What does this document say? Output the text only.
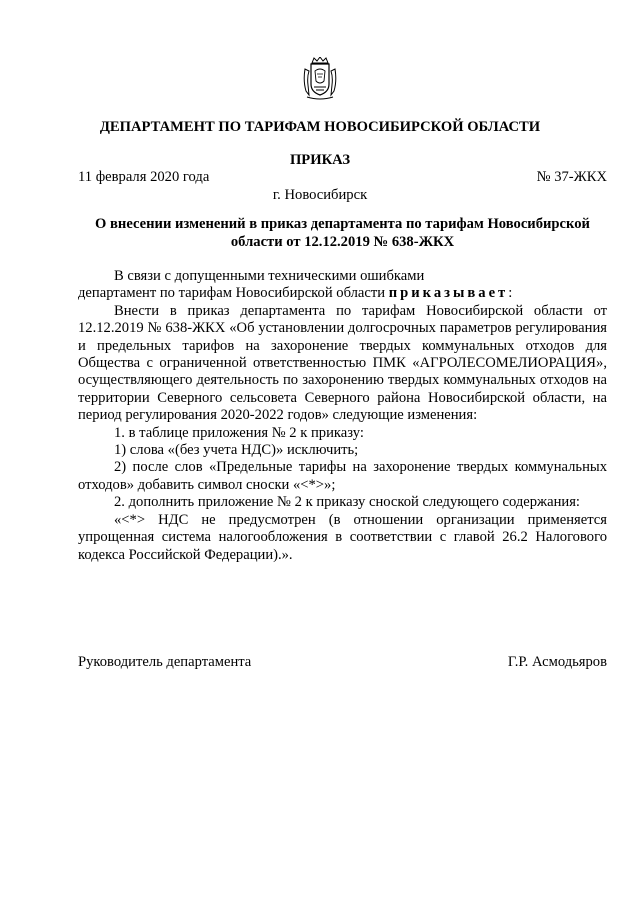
ДЕПАРТАМЕНТ ПО ТАРИФАМ НОВОСИБИРСКОЙ ОБЛАСТИ
ПРИКАЗ
11 февраля 2020 года	№ 37-ЖКХ
г. Новосибирск
О внесении изменений в приказ департамента по тарифам Новосибирской области от 12.12.2019 № 638-ЖКХ

В связи с допущенными техническими ошибками

департамент по тарифам Новосибирской области приказывает:

Внести в приказ департамента по тарифам Новосибирской области от 12.12.2019 № 638-ЖКХ «Об установлении долгосрочных параметров регулирования и предельных тарифов на захоронение твердых коммунальных отходов для Общества с ограниченной ответственностью ПМК «АГРОЛЕСОМЕЛИОРАЦИЯ», осуществляющего деятельность по захоронению твердых коммунальных отходов на территории Северного сельсовета Северного района Новосибирской области, на период регулирования 2020-2022 годов» следующие изменения:

1. в таблице приложения № 2 к приказу:

1) слова «(без учета НДС)» исключить;

2) после слов «Предельные тарифы на захоронение твердых коммунальных отходов» добавить символ сноски «<*>»;

2. дополнить приложение № 2 к приказу сноской следующего содержания:

«<*> НДС не предусмотрен (в отношении организации применяется упрощенная система налогообложения в соответствии с главой 26.2 Налогового кодекса Российской Федерации).».

Руководитель департамента	Г.Р. Асмодьяров
